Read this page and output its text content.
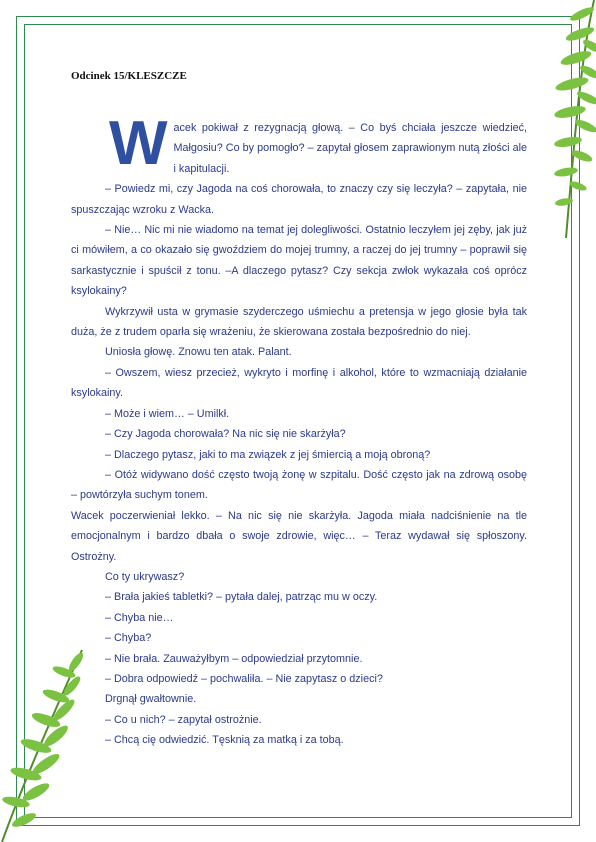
Odcinek 15/KLESZCZE
W acek pokiwał z rezygnacją głową. – Co byś chciała jeszcze wiedzieć, Małgosiu? Co by pomogło? – zapytał głosem zaprawionym nutą złości ale i kapitulacji.

– Powiedz mi, czy Jagoda na coś chorowała, to znaczy czy się leczyła? – zapytała, nie spuszczając wzroku z Wacka.

– Nie… Nic mi nie wiadomo na temat jej dolegliwości. Ostatnio leczyłem jej zęby, jak już ci mówiłem, a co okazało się gwoździem do mojej trumny, a raczej do jej trumny – poprawił się sarkastycznie i spuścił z tonu. –A dlaczego pytasz? Czy sekcja zwłok wykazała coś oprócz ksylokainy?

Wykrzywił usta w grymasie szyderczego uśmiechu a pretensja w jego głosie była tak duża, że z trudem oparła się wrażeniu, że skierowana została bezpośrednio do niej.

Uniosła głowę. Znowu ten atak. Palant.

– Owszem, wiesz przecież, wykryto i morfinę i alkohol, które to wzmacniają działanie ksylokainy.

– Może i wiem… – Umilkł.

– Czy Jagoda chorowała? Na nic się nie skarżyła?

– Dlaczego pytasz, jaki to ma związek z jej śmiercią a moją obroną?

– Otóż widywano dość często twoją żonę w szpitalu. Dość często jak na zdrową osobę – powtórzyła suchym tonem.

Wacek poczerwieniał lekko. – Na nic się nie skarżyła. Jagoda miała nadciśnienie na tle emocjonalnym i bardzo dbała o swoje zdrowie, więc… – Teraz wydawał się spłoszony. Ostrożny.

Co ty ukrywasz?

– Brała jakieś tabletki? – pytała dalej, patrząc mu w oczy.

– Chyba nie…

– Chyba?

– Nie brała. Zauważyłbym – odpowiedział przytomnie.

– Dobra odpowiedź – pochwaliła. – Nie zapytasz o dzieci?

Drgnął gwałtownie.

– Co u nich? – zapytał ostrożnie.

– Chcą cię odwiedzić. Tęsknią za matką i za tobą.
